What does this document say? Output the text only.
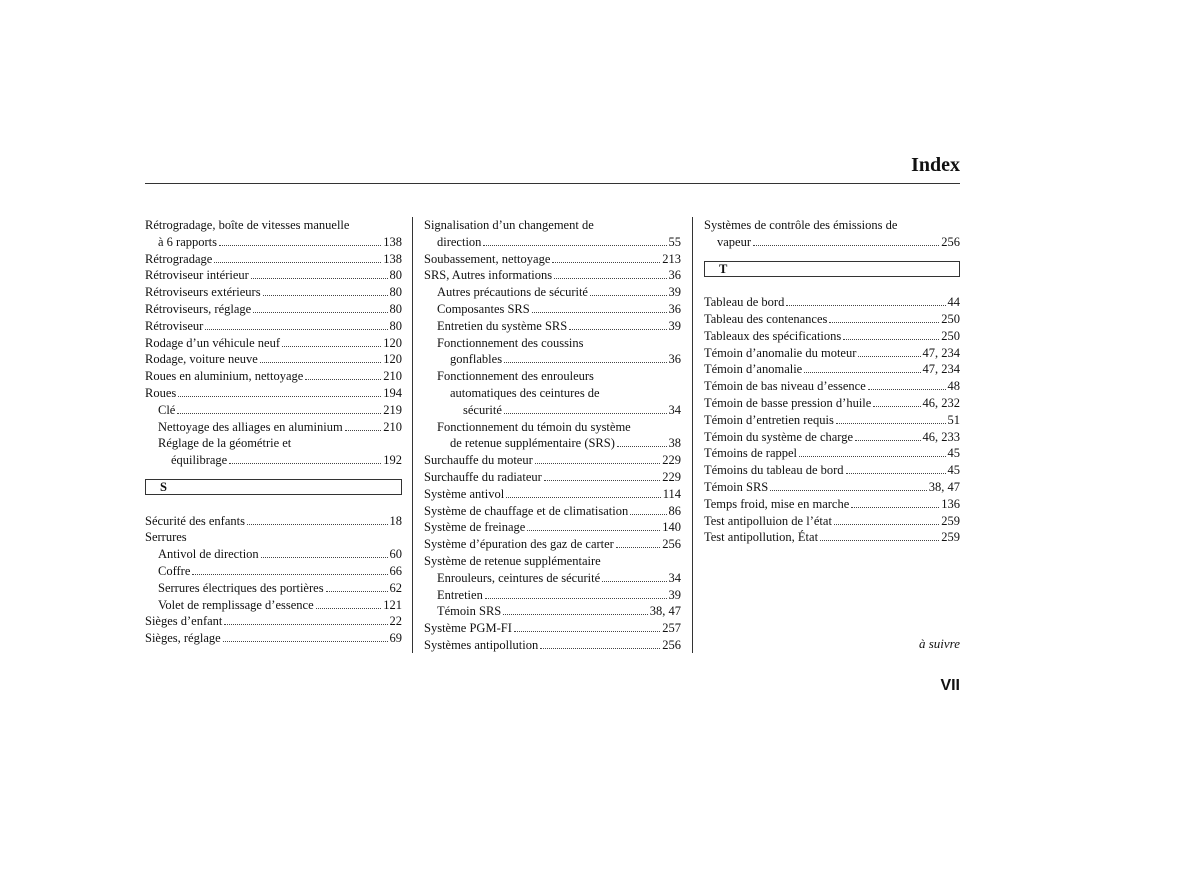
Index
Rétrogradage, boîte de vitesses manuelle
à 6 rapports	138
Rétrogradage	138
Rétroviseur intérieur	80
Rétroviseurs extérieurs	80
Rétroviseurs, réglage	80
Rétroviseur	80
Rodage d’un véhicule neuf	120
Rodage, voiture neuve	120
Roues en aluminium, nettoyage	210
Roues	194
Clé	219
Nettoyage des alliages en aluminium	210
Réglage de la géométrie et
équilibrage	192
S
Sécurité des enfants	18
Serrures
Antivol de direction	60
Coffre	66
Serrures électriques des portières	62
Volet de remplissage d’essence	121
Sièges d’enfant	22
Sièges, réglage	69
Signalisation d’un changement de
direction	55
Soubassement, nettoyage	213
SRS, Autres informations	36
Autres précautions de sécurité	39
Composantes SRS	36
Entretien du système SRS	39
Fonctionnement des coussins
gonflables	36
Fonctionnement des enrouleurs
automatiques des ceintures de
sécurité	34
Fonctionnement du témoin du système
de retenue supplémentaire (SRS)	38
Surchauffe du moteur	229
Surchauffe du radiateur	229
Système antivol	114
Système de chauffage et de climatisation	86
Système de freinage	140
Système d’épuration des gaz de carter	256
Système de retenue supplémentaire
Enrouleurs, ceintures de sécurité	34
Entretien	39
Témoin SRS	38, 47
Système PGM-FI	257
Systèmes antipollution	256
Systèmes de contrôle des émissions de
vapeur	256
T
Tableau de bord	44
Tableau des contenances	250
Tableaux des spécifications	250
Témoin d’anomalie du moteur	47, 234
Témoin d’anomalie	47, 234
Témoin de bas niveau d’essence	48
Témoin de basse pression d’huile	46, 232
Témoin d’entretien requis	51
Témoin du système de charge	46, 233
Témoins de rappel	45
Témoins du tableau de bord	45
Témoin SRS	38, 47
Temps froid, mise en marche	136
Test antipolluion de l’état	259
Test antipollution, État	259
à suivre
VII
